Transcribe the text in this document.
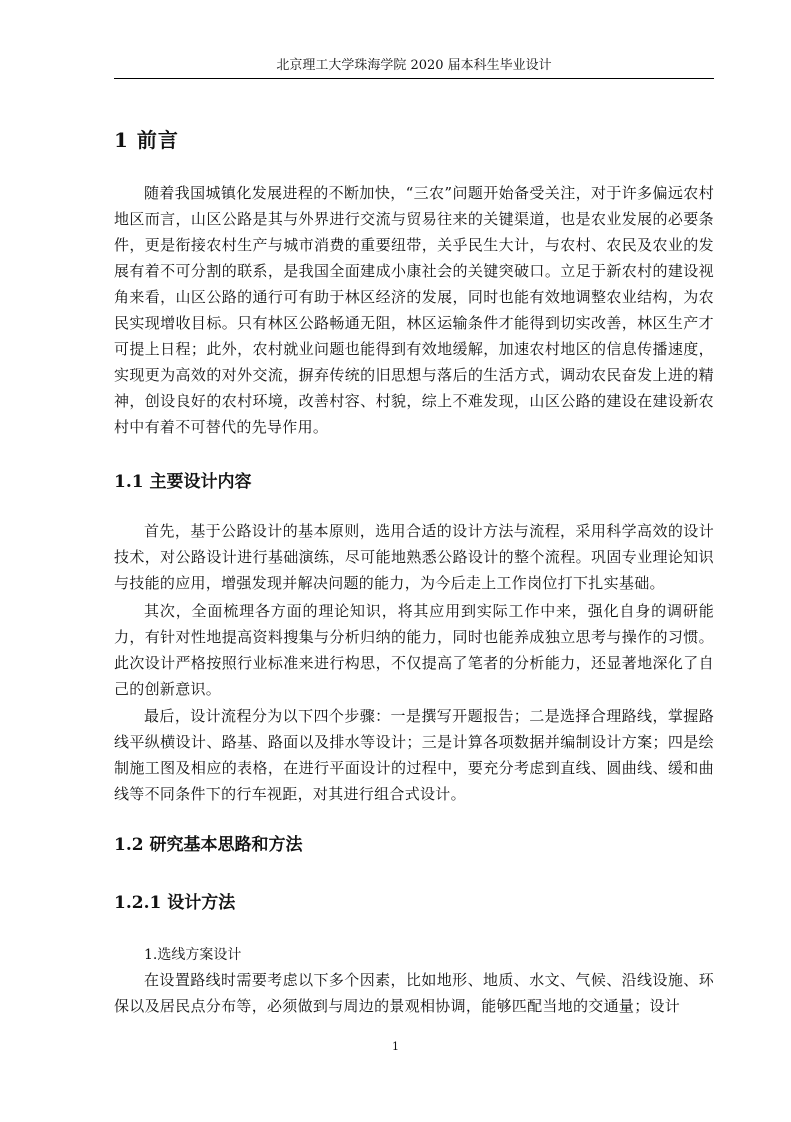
北京理工大学珠海学院 2020 届本科生毕业设计
1 前言
随着我国城镇化发展进程的不断加快，“三农”问题开始备受关注，对于许多偏远农村地区而言，山区公路是其与外界进行交流与贸易往来的关键渠道，也是农业发展的必要条件，更是衔接农村生产与城市消费的重要纽带，关乎民生大计，与农村、农民及农业的发展有着不可分割的联系，是我国全面建成小康社会的关键突破口。立足于新农村的建设视角来看，山区公路的通行可有助于林区经济的发展，同时也能有效地调整农业结构，为农民实现增收目标。只有林区公路畅通无阻，林区运输条件才能得到切实改善，林区生产才可提上日程；此外，农村就业问题也能得到有效地缓解，加速农村地区的信息传播速度，实现更为高效的对外交流，摒弃传统的旧思想与落后的生活方式，调动农民奋发上进的精神，创设良好的农村环境，改善村容、村貌，综上不难发现，山区公路的建设在建设新农村中有着不可替代的先导作用。
1.1 主要设计内容
首先，基于公路设计的基本原则，选用合适的设计方法与流程，采用科学高效的设计技术，对公路设计进行基础演练，尽可能地熟悉公路设计的整个流程。巩固专业理论知识与技能的应用，增强发现并解决问题的能力，为今后走上工作岗位打下扎实基础。
其次，全面梳理各方面的理论知识，将其应用到实际工作中来，强化自身的调研能力，有针对性地提高资料搜集与分析归纳的能力，同时也能养成独立思考与操作的习惯。此次设计严格按照行业标准来进行构思，不仅提高了笔者的分析能力，还显著地深化了自己的创新意识。
最后，设计流程分为以下四个步骤：一是撰写开题报告；二是选择合理路线，掌握路线平纵横设计、路基、路面以及排水等设计；三是计算各项数据并编制设计方案；四是绘制施工图及相应的表格，在进行平面设计的过程中，要充分考虑到直线、圆曲线、缓和曲线等不同条件下的行车视距，对其进行组合式设计。
1.2 研究基本思路和方法
1.2.1 设计方法
1.选线方案设计
在设置路线时需要考虑以下多个因素，比如地形、地质、水文、气候、沿线设施、环保以及居民点分布等，必须做到与周边的景观相协调，能够匹配当地的交通量；设计
1
